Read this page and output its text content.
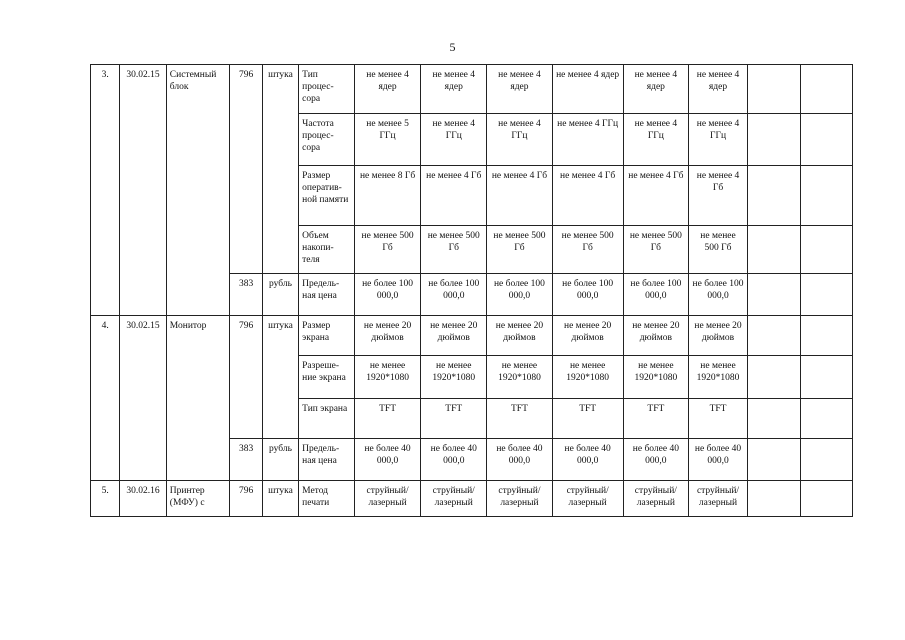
5
3.	30.02.15	Системный блок	796	штука	Тип процес-сора	не менее 4 ядер	не менее 4 ядер	не менее 4 ядер	не менее 4 ядер	не менее 4 ядер	не менее 4 ядер		
					Частота процес-сора	не менее 5 ГГц	не менее 4 ГГц	не менее 4 ГГц	не менее 4 ГГц	не менее 4 ГГц	не менее 4 ГГц		
					Размер оператив-ной памяти	не менее 8 Гб	не менее 4 Гб	не менее 4 Гб	не менее 4 Гб	не менее 4 Гб	не менее 4 Гб		
					Объем накопи-теля	не менее 500 Гб	не менее 500 Гб	не менее 500 Гб	не менее 500 Гб	не менее 500 Гб	не менее 500 Гб		
			383	рубль	Предель-ная цена	не более 100 000,0	не более 100 000,0	не более 100 000,0	не более 100 000,0	не более 100 000,0	не более 100 000,0		
4.	30.02.15	Монитор	796	штука	Размер экрана	не менее 20 дюймов	не менее 20 дюймов	не менее 20 дюймов	не менее 20 дюймов	не менее 20 дюймов	не менее 20 дюймов		
					Разреше-ние экрана	не менее 1920*1080	не менее 1920*1080	не менее 1920*1080	не менее 1920*1080	не менее 1920*1080	не менее 1920*1080		
					Тип экрана	TFT	TFT	TFT	TFT	TFT	TFT		
			383	рубль	Предель-ная цена	не более 40 000,0	не более 40 000,0	не более 40 000,0	не более 40 000,0	не более 40 000,0	не более 40 000,0		
5.	30.02.16	Принтер (МФУ) с	796	штука	Метод печати	струйный/ лазерный	струйный/ лазерный	струйный/ лазерный	струйный/ лазерный	струйный/ лазерный	струйный/ лазерный		
